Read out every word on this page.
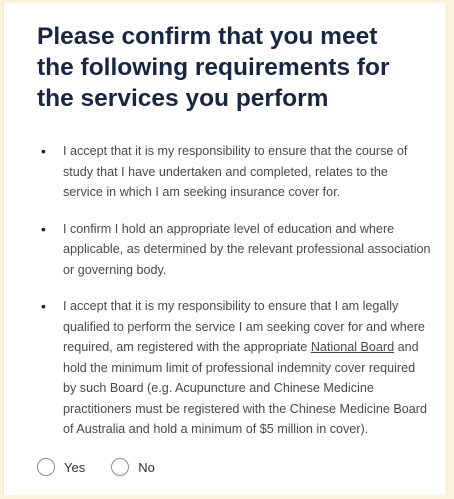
Please confirm that you meet the following requirements for the services you perform
• I accept that it is my responsibility to ensure that the course of study that I have undertaken and completed, relates to the service in which I am seeking insurance cover for.
• I confirm I hold an appropriate level of education and where applicable, as determined by the relevant professional association or governing body.
• I accept that it is my responsibility to ensure that I am legally qualified to perform the service I am seeking cover for and where required, am registered with the appropriate National Board and hold the minimum limit of professional indemnity cover required by such Board (e.g. Acupuncture and Chinese Medicine practitioners must be registered with the Chinese Medicine Board of Australia and hold a minimum of $5 million in cover).
Yes	No
